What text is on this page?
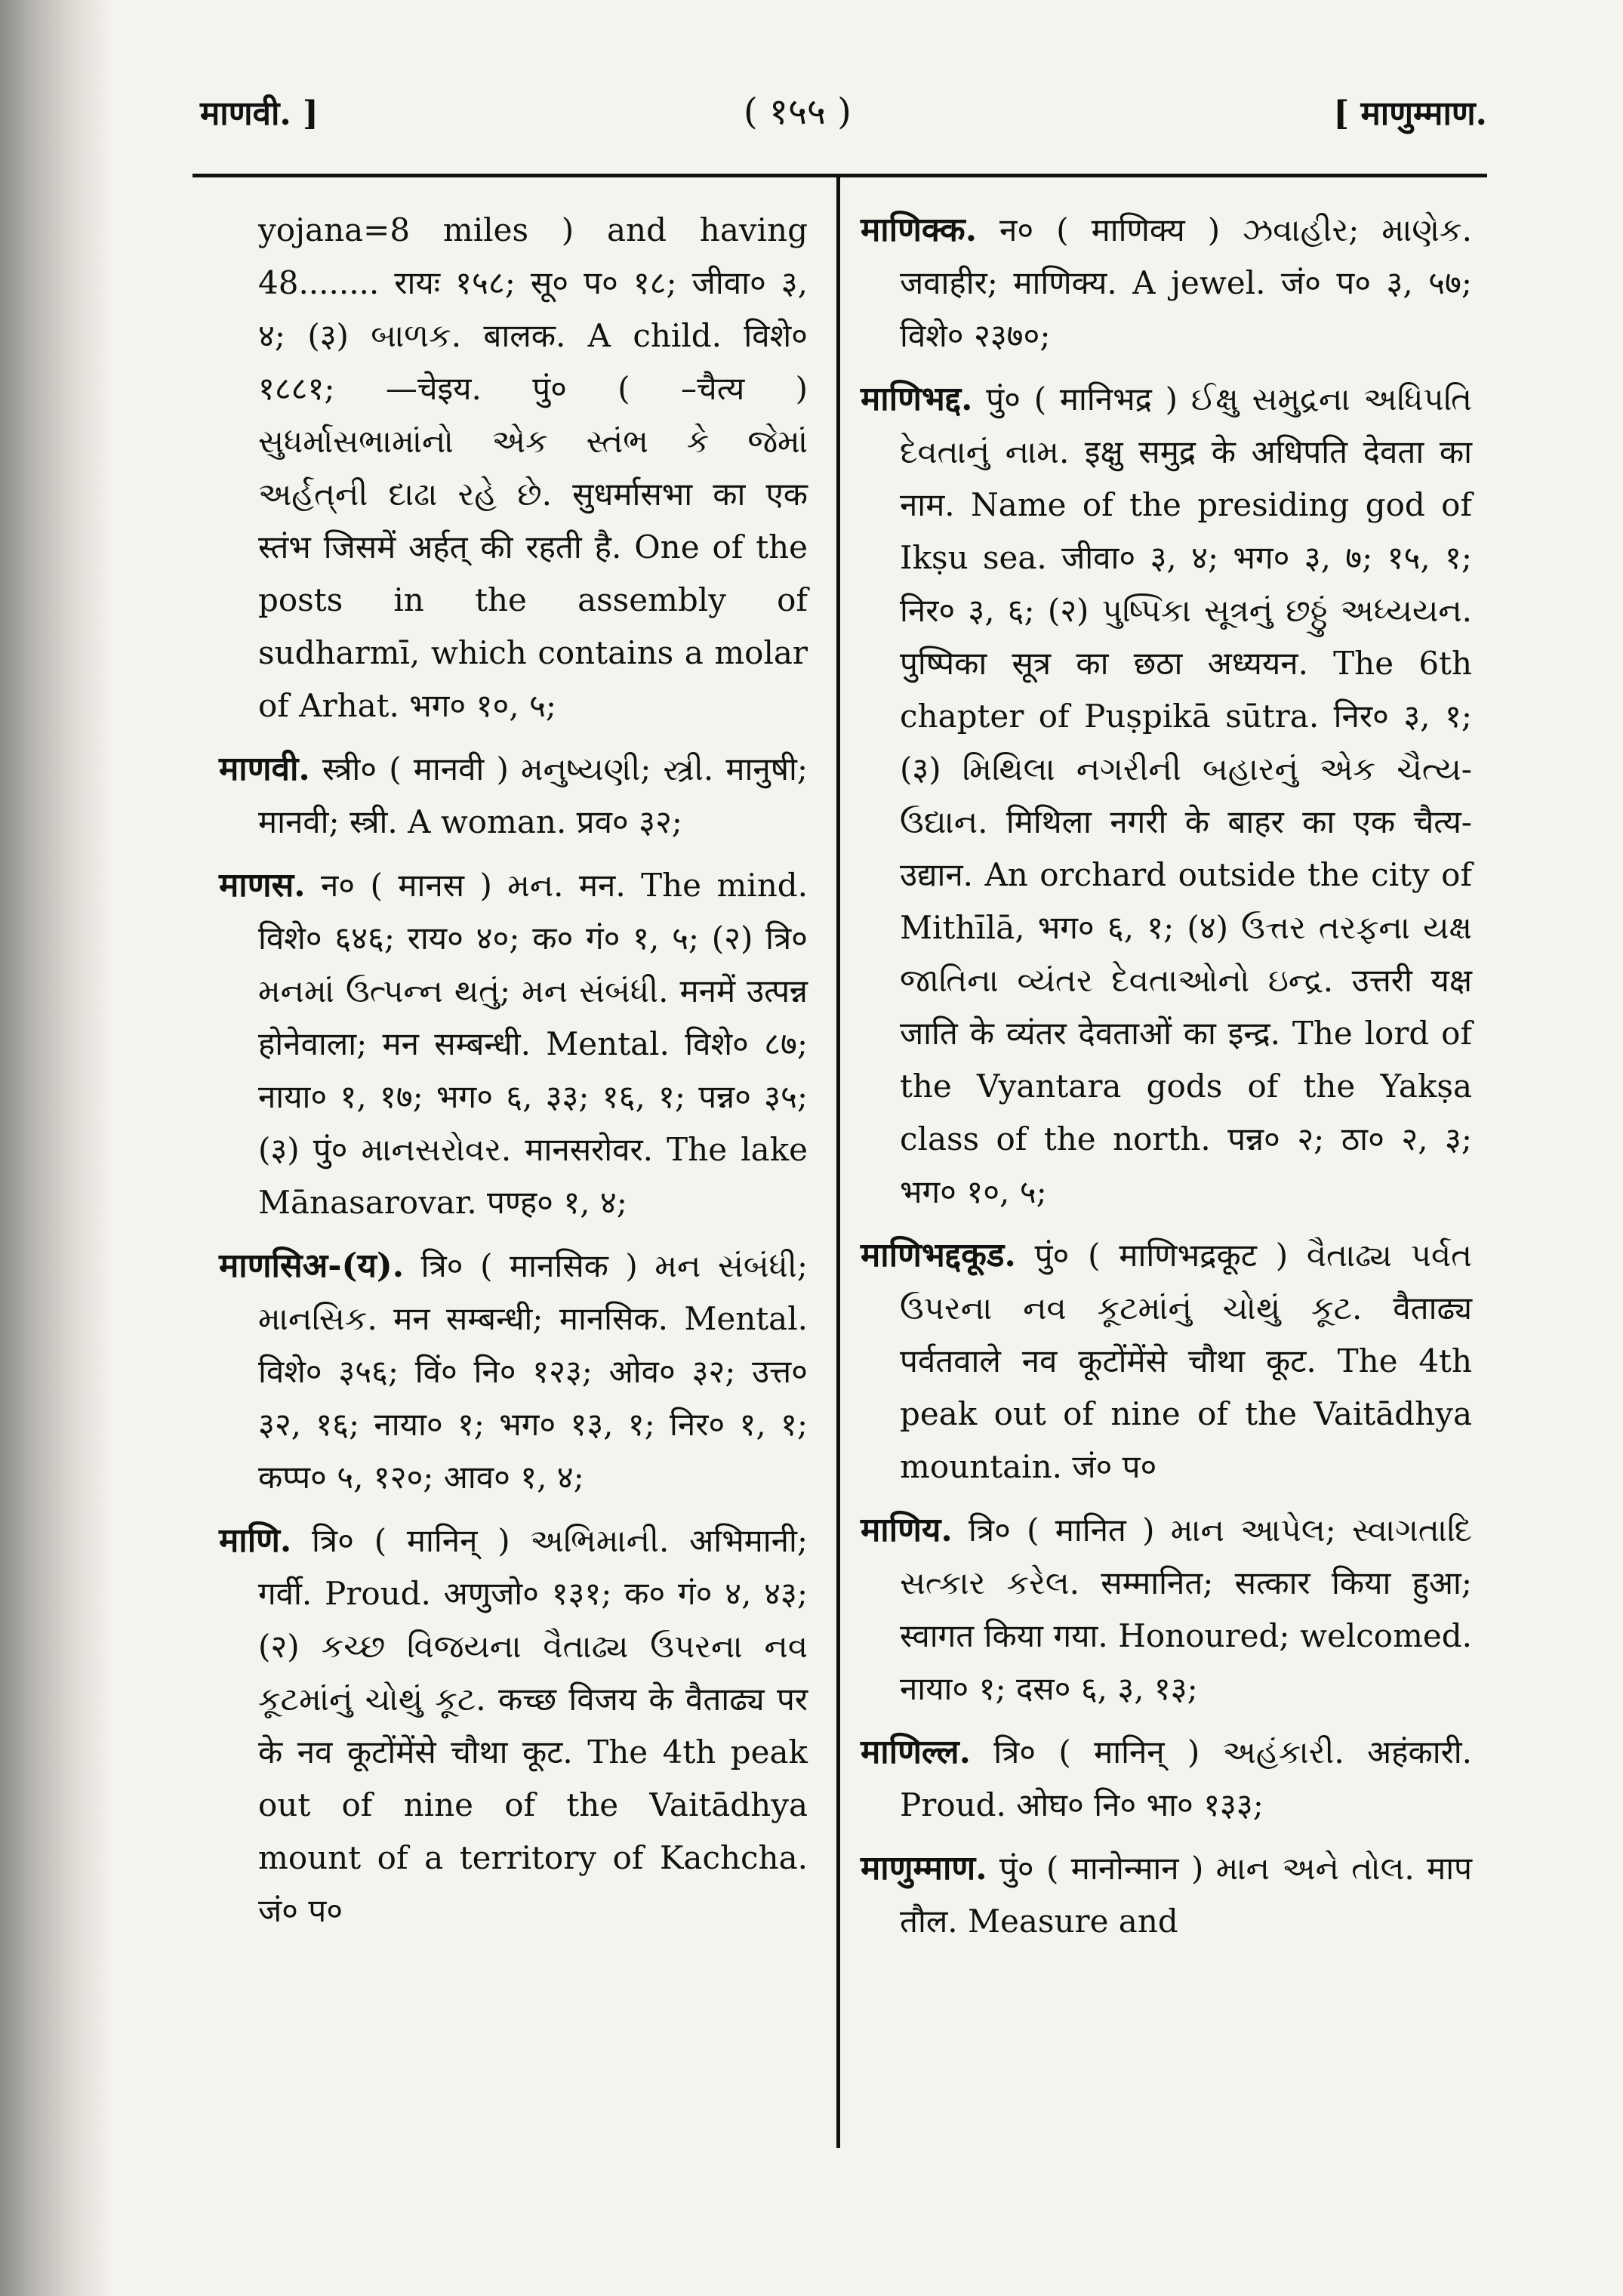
माणवी. ]	( १५५ )	[ माणुम्माण.

yojana=8 miles ) and having 48........ रायः १५८; सू० प० १८; जीवा० ३, ४; (३) બાળક. बालक. A child. विशे० १८८१; —चेइय. पुं० ( –चैत्य ) સુધર્માસભામાંનો એક સ્તંભ કે જેમાં અર્હત્‌ની દાઢા રહે છે. सुधर्मासभा का एक स्तंभ जिसमें अर्हत् की रहती है. One of the posts in the assembly of sudharmī, which contains a molar of Arhat. भग० १०, ५;

माणवी. स्त्री० ( मानवी ) મનુષ્યણી; સ્ત્રી. मानुषी; मानवी; स्त्री. A woman. प्रव० ३२;

माणस. न० ( मानस ) મન. मन. The mind. विशे० ६४६; राय० ४०; क० गं० १, ५; (२) त्रि० મનમાં ઉત્પન્ન થતું; મન સંબંધી. मनमें उत्पन्न होनेवाला; मन सम्बन्धी. Mental. विशे० ८७; नाया० १, १७; भग० ६, ३३; १६, १; पन्न० ३५; (३) पुं० માનસરોવર. मानसरोवर. The lake Mānasarovar. पण्ह० १, ४;

माणसिअ-(य). त्रि० ( मानसिक ) મન સંબંધી; માનસિક. मन सम्बन्धी; मानसिक. Mental. विशे० ३५६; विं० नि० १२३; ओव० ३२; उत्त० ३२, १६; नाया० १; भग० १३, १; निर० १, १; कप्प० ५, १२०; आव० १, ४;

माणि. त्रि० ( मानिन् ) અભિમાની. अभिमानी; गर्वी. Proud. अणुजो० १३१; क० गं० ४, ४३; (२) કચ્છ વિજયના વૈતાઢ્ય ઉપરના નવ કૂટમાંનું ચોથું કૂટ. कच्छ विजय के वैताढ्य पर के नव कूटोंमेंसे चौथा कूट. The 4th peak out of nine of the Vaitādhya mount of a territory of Kachcha. जं० प०

माणिक्क. न० ( माणिक्य ) ઝવાહીર; માણેક. जवाहीर; माणिक्य. A jewel. जं० प० ३, ५७; विशे० २३७०;

माणिभद्द. पुं० ( मानिभद्र ) ઈક્ષુ સમુદ્રના અધિપતિ દેવતાનું નામ. इक्षु समुद्र के अधिपति देवता का नाम. Name of the presiding god of Ikṣu sea. जीवा० ३, ४; भग० ३, ७; १५, १; निर० ३, ६; (२) પુષ્પિકા સૂત્રનું છઠ્ઠું અધ્યયન. पुष्पिका सूत्र का छठा अध्ययन. The 6th chapter of Puṣpikā sūtra. निर० ३, १; (३) મિથિલા નગરીની બહારનું એક ચૈત્ય-ઉદ્યાન. मिथिला नगरी के बाहर का एक चैत्य-उद्यान. An orchard outside the city of Mithīlā, भग० ६, १; (४) ઉત્તર તરફના યક્ષ જાતિના વ્યંતર દેવતાઓનો ઇન્દ્ર. उत्तरी यक्ष जाति के व्यंतर देवताओं का इन्द्र. The lord of the Vyantara gods of the Yakṣa class of the north. पन्न० २; ठा० २, ३; भग० १०, ५;

माणिभद्दकूड. पुं० ( माणिभद्रकूट ) વૈતાઢ્ય પર્વત ઉપરના નવ કૂટમાંનું ચોથું કૂટ. वैताढ्य पर्वतवाले नव कूटोंमेंसे चौथा कूट. The 4th peak out of nine of the Vaitādhya mountain. जं० प०

माणिय. त्रि० ( मानित ) માન આપેલ; સ્વાગતાદિ સત્કાર કરેલ. सम्मानित; सत्कार किया हुआ; स्वागत किया गया. Honoured; welcomed. नाया० १; दस० ६, ३, १३;

माणिल्ल. त्रि० ( मानिन् ) અહંકારી. अहंकारी. Proud. ओघ० नि० भा० १३३;

माणुम्माण. पुं० ( मानोन्मान ) માન અને તોલ. माप तौल. Measure and
